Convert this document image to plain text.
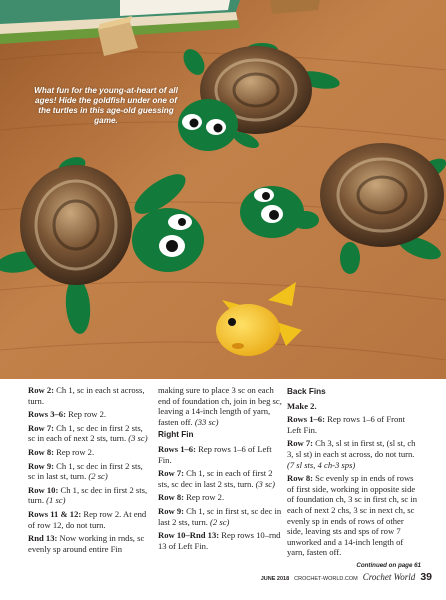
What fun for the young-at-heart of all ages! Hide the goldfish under one of the turtles in this age-old guessing game.

Row 2: Ch 1, sc in each st across, turn.

Rows 3–6: Rep row 2.

Row 7: Ch 1, sc dec in first 2 sts, sc in each of next 2 sts, turn. (3 sc)

Row 8: Rep row 2.

Row 9: Ch 1, sc dec in first 2 sts, sc in last st, turn. (2 sc)

Row 10: Ch 1, sc dec in first 2 sts, turn. (1 sc)

Rows 11 & 12: Rep row 2. At end of row 12, do not turn.

Rnd 13: Now working in rnds, sc evenly sp around entire Fin

making sure to place 3 sc on each end of foundation ch, join in beg sc, leaving a 14-inch length of yarn, fasten off. (33 sc)

Right Fin

Rows 1–6: Rep rows 1–6 of Left Fin.

Row 7: Ch 1, sc in each of first 2 sts, sc dec in last 2 sts, turn. (3 sc)

Row 8: Rep row 2.

Row 9: Ch 1, sc in first st, sc dec in last 2 sts, turn. (2 sc)

Row 10–Rnd 13: Rep rows 10–rnd 13 of Left Fin.

Back Fins

Make 2.

Rows 1–6: Rep rows 1–6 of Front Left Fin.

Row 7: Ch 3, sl st in first st, (sl st, ch 3, sl st) in each st across, do not turn. (7 sl sts, 4 ch-3 sps)

Row 8: Sc evenly sp in ends of rows of first side, working in opposite side of foundation ch, 3 sc in first ch, sc in each of next 2 chs, 3 sc in next ch, sc evenly sp in ends of rows of other side, leaving sts and sps of row 7 unworked and a 14-inch length of yarn, fasten off.

Continued on page 61
JUNE 2018 CROCHET-WORLD.COM Crochet World 39
